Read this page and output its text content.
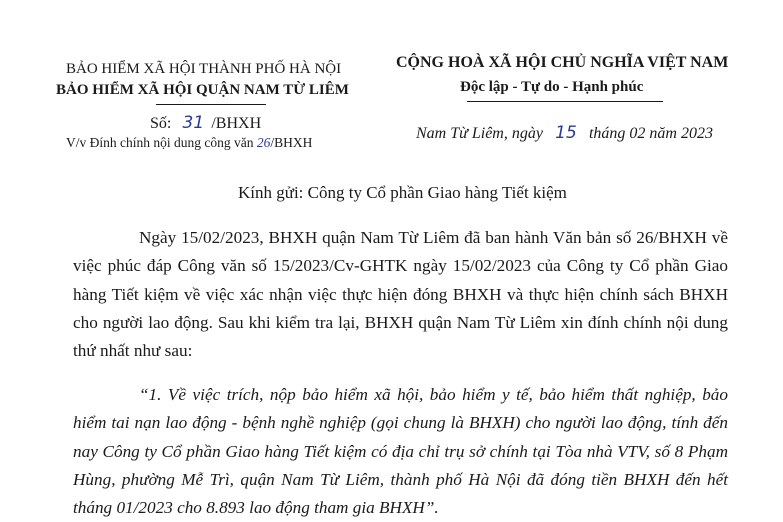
BẢO HIỂM XÃ HỘI THÀNH PHỐ HÀ NỘI
BẢO HIỂM XÃ HỘI QUẬN NAM TỪ LIÊM
Số: 31 /BHXH
V/v Đính chính nội dung công văn 26/BHXH
CỘNG HOÀ XÃ HỘI CHỦ NGHĨA VIỆT NAM
Độc lập - Tự do - Hạnh phúc
Nam Từ Liêm, ngày 15 tháng 02 năm 2023
Kính gửi: Công ty Cổ phần Giao hàng Tiết kiệm
Ngày 15/02/2023, BHXH quận Nam Từ Liêm đã ban hành Văn bản số 26/BHXH về việc phúc đáp Công văn số 15/2023/Cv-GHTK ngày 15/02/2023 của Công ty Cổ phần Giao hàng Tiết kiệm về việc xác nhận việc thực hiện đóng BHXH và thực hiện chính sách BHXH cho người lao động. Sau khi kiểm tra lại, BHXH quận Nam Từ Liêm xin đính chính nội dung thứ nhất như sau:
“1. Về việc trích, nộp bảo hiểm xã hội, bảo hiểm y tế, bảo hiểm thất nghiệp, bảo hiểm tai nạn lao động - bệnh nghề nghiệp (gọi chung là BHXH) cho người lao động, tính đến nay Công ty Cổ phần Giao hàng Tiết kiệm có địa chỉ trụ sở chính tại Tòa nhà VTV, số 8 Phạm Hùng, phường Mễ Trì, quận Nam Từ Liêm, thành phố Hà Nội đã đóng tiền BHXH đến hết tháng 01/2023 cho 8.893 lao động tham gia BHXH”.
